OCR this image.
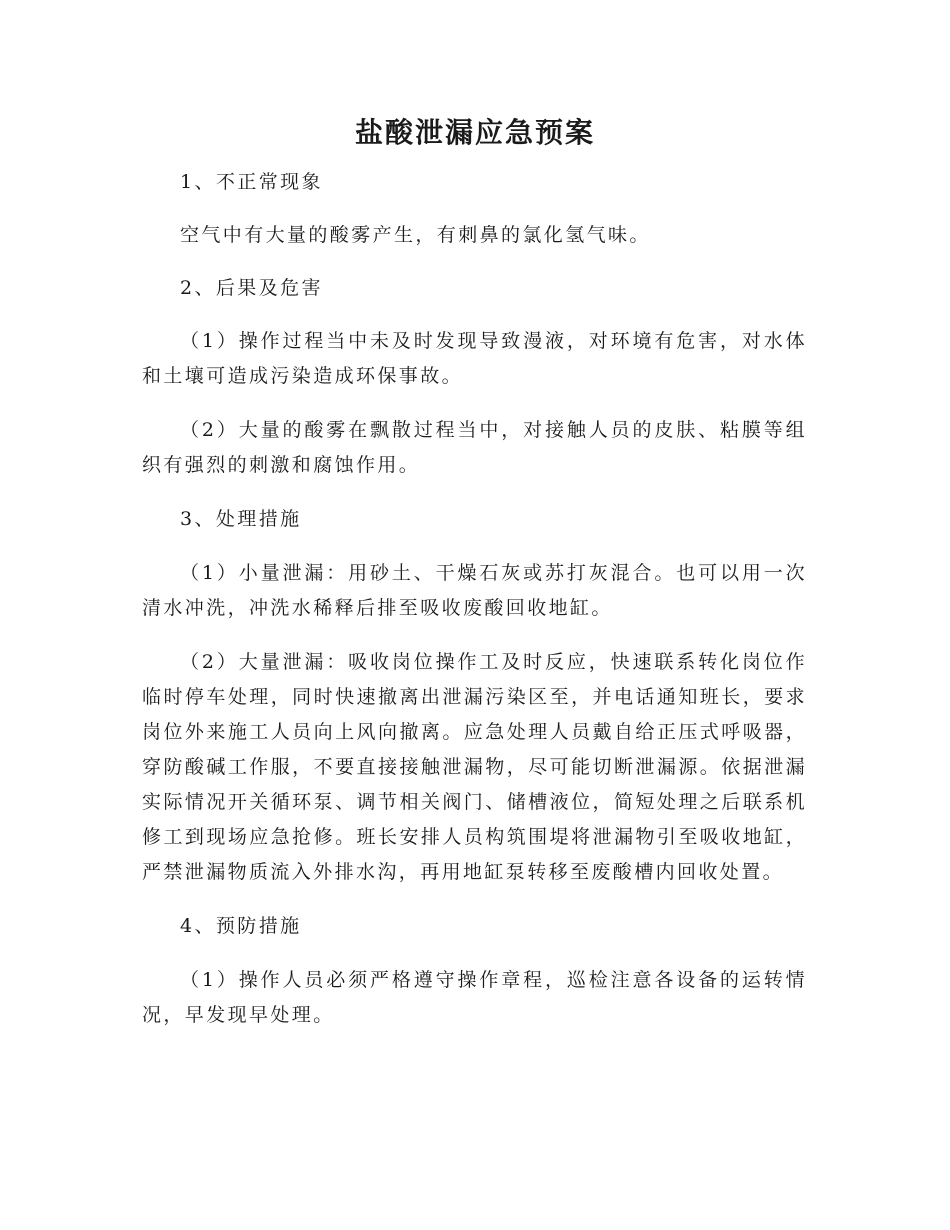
盐酸泄漏应急预案

1、不正常现象

空气中有大量的酸雾产生，有刺鼻的氯化氢气味。

2、后果及危害

（1）操作过程当中未及时发现导致漫液，对环境有危害，对水体和土壤可造成污染造成环保事故。

（2）大量的酸雾在飘散过程当中，对接触人员的皮肤、粘膜等组织有强烈的刺激和腐蚀作用。

3、处理措施

（1）小量泄漏：用砂土、干燥石灰或苏打灰混合。也可以用一次清水冲洗，冲洗水稀释后排至吸收废酸回收地缸。

（2）大量泄漏：吸收岗位操作工及时反应，快速联系转化岗位作临时停车处理，同时快速撤离出泄漏污染区至，并电话通知班长，要求岗位外来施工人员向上风向撤离。应急处理人员戴自给正压式呼吸器，穿防酸碱工作服，不要直接接触泄漏物，尽可能切断泄漏源。依据泄漏实际情况开关循环泵、调节相关阀门、储槽液位，简短处理之后联系机修工到现场应急抢修。班长安排人员构筑围堤将泄漏物引至吸收地缸，严禁泄漏物质流入外排水沟，再用地缸泵转移至废酸槽内回收处置。

4、预防措施

（1）操作人员必须严格遵守操作章程，巡检注意各设备的运转情况，早发现早处理。
